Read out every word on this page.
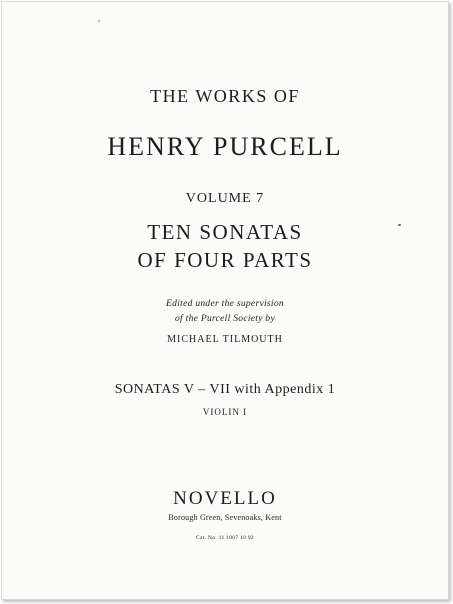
THE WORKS OF
HENRY PURCELL
VOLUME 7
TEN SONATAS
OF FOUR PARTS
Edited under the supervision
of the Purcell Society by
MICHAEL TILMOUTH
SONATAS V – VII with Appendix 1
VIOLIN I
NOVELLO
Borough Green, Sevenoaks, Kent
Cat. No. 11 1007 10 92
